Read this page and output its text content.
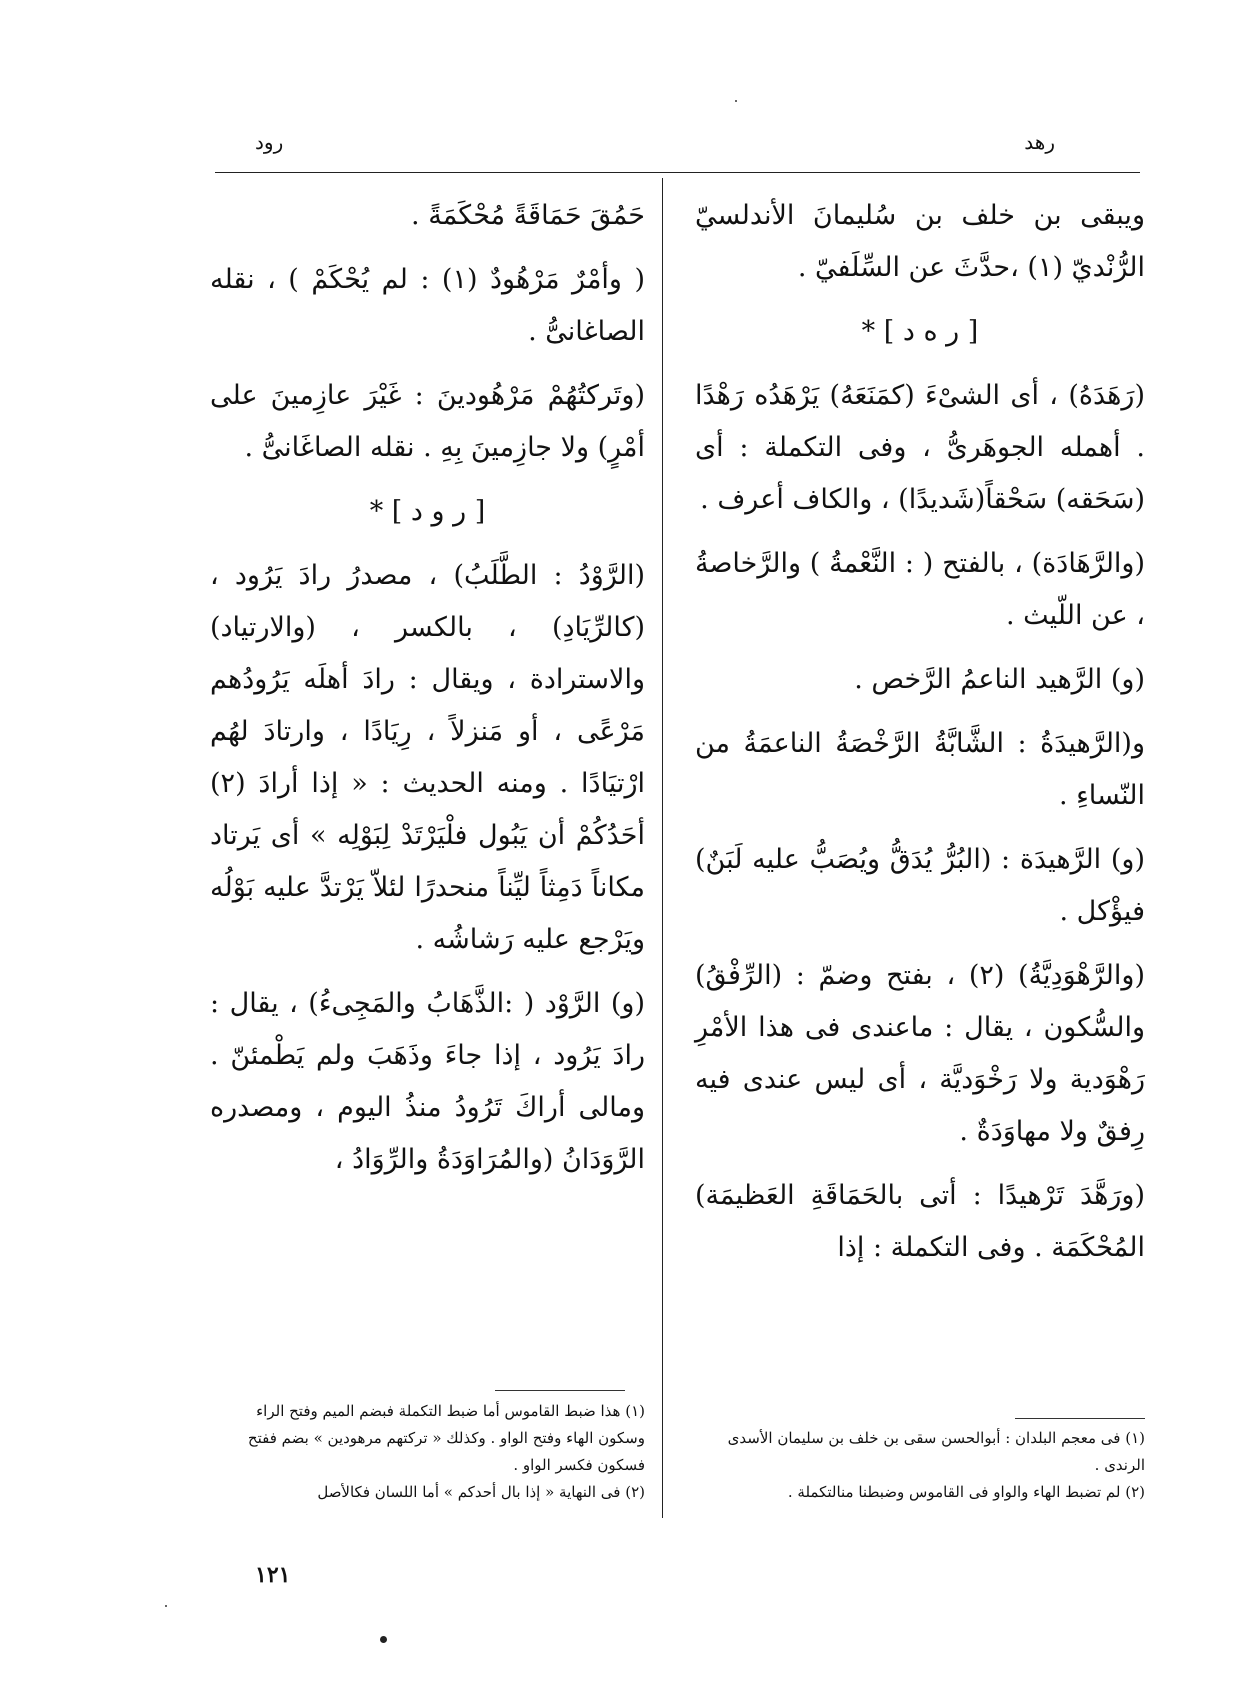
رهد
رود

ويبقى بن خلف بن سُليمانَ الأندلسيّ الرُّنْديّ (١) ،حدَّثَ عن السِّلَفيّ .

[ ر ه د ] *

(رَهَدَهُ) ، أى الشىْءَ (كمَنَعَهُ) يَرْهَدُه رَهْدًا . أهمله الجوهَرىُّ ، وفى التكملة : أى (سَحَقه) سَحْقاً(شَديدًا) ، والكاف أعرف .

(والرَّهَادَة) ، بالفتح ( : النَّعْمةُ ) والرَّخاصةُ ، عن اللّيث .

(و) الرَّهيد الناعمُ الرَّخص .

و(الرَّهيدَةُ : الشَّابَّةُ الرَّخْصَةُ الناعمَةُ من النّساءِ .

(و) الرَّهيدَة : (البُرُّ يُدَقُّ ويُصَبُّ عليه لَبَنٌ) فيؤْكل .

(والرَّهْوَدِيَّةُ) (٢) ، بفتح وضمّ : (الرِّفْقُ) والسُّكون ، يقال : ماعندى فى هذا الأمْرِ رَهْوَدية ولا رَخْوَديَّة ، أى ليس عندى فيه رِفقٌ ولا مهاوَدَةٌ .

(ورَهَّدَ تَرْهيدًا : أتى بالحَمَاقَةِ العَظيمَة) المُحْكَمَة . وفى التكملة : إذا

حَمُقَ حَمَاقَةً مُحْكَمَةً .

( وأمْرٌ مَرْهُودٌ (١) : لم يُحْكَمْ ) ، نقله الصاغانىُّ .

(وتَركتُهُمْ مَرْهُودينَ : غَيْرَ عازِمينَ على أمْرٍ) ولا جازِمينَ بِهِ . نقله الصاغَانىُّ .

[ ر و د ] *

(الرَّوْدُ : الطَّلَبُ) ، مصدرُ رادَ يَرُود ، (كالرِّيَادِ) ، بالكسر ، (والارتياد) والاسترادة ، ويقال : رادَ أهلَه يَرُودُهم مَرْعًى ، أو مَنزلاً ، رِيَادًا ، وارتادَ لهُم ارْتيَادًا . ومنه الحديث : « إذا أرادَ (٢) أحَدُكُمْ أن يَبُول فلْيَرْتَدْ لِبَوْلِه » أى يَرتاد مكاناً دَمِثاً ليِّناً منحدرًا لئلاّ يَرْتدَّ عليه بَوْلُه ويَرْجع عليه رَشاشُه .

(و) الرَّوْد ( :الذَّهَابُ والمَجِىءُ) ، يقال : رادَ يَرُود ، إذا جاءَ وذَهَبَ ولم يَطْمئنّ . ومالى أراكَ تَرُودُ منذُ اليوم ، ومصدره الرَّوَدَانُ (والمُرَاوَدَةُ والرِّوَادُ ،

(١) فى معجم البلدان : أبوالحسن سقى بن خلف بن سليمان الأسدى الرندى .
(٢) لم تضبط الهاء والواو فى القاموس وضبطنا منالتكملة .
(١) هذا ضبط القاموس أما ضبط التكملة فبضم الميم وفتح الراء وسكون الهاء وفتح الواو . وكذلك « تركتهم مرهودين » بضم ففتح فسكون فكسر الواو .
(٢) فى النهاية « إذا بال أحدكم » أما اللسان فكالأصل
١٢١
